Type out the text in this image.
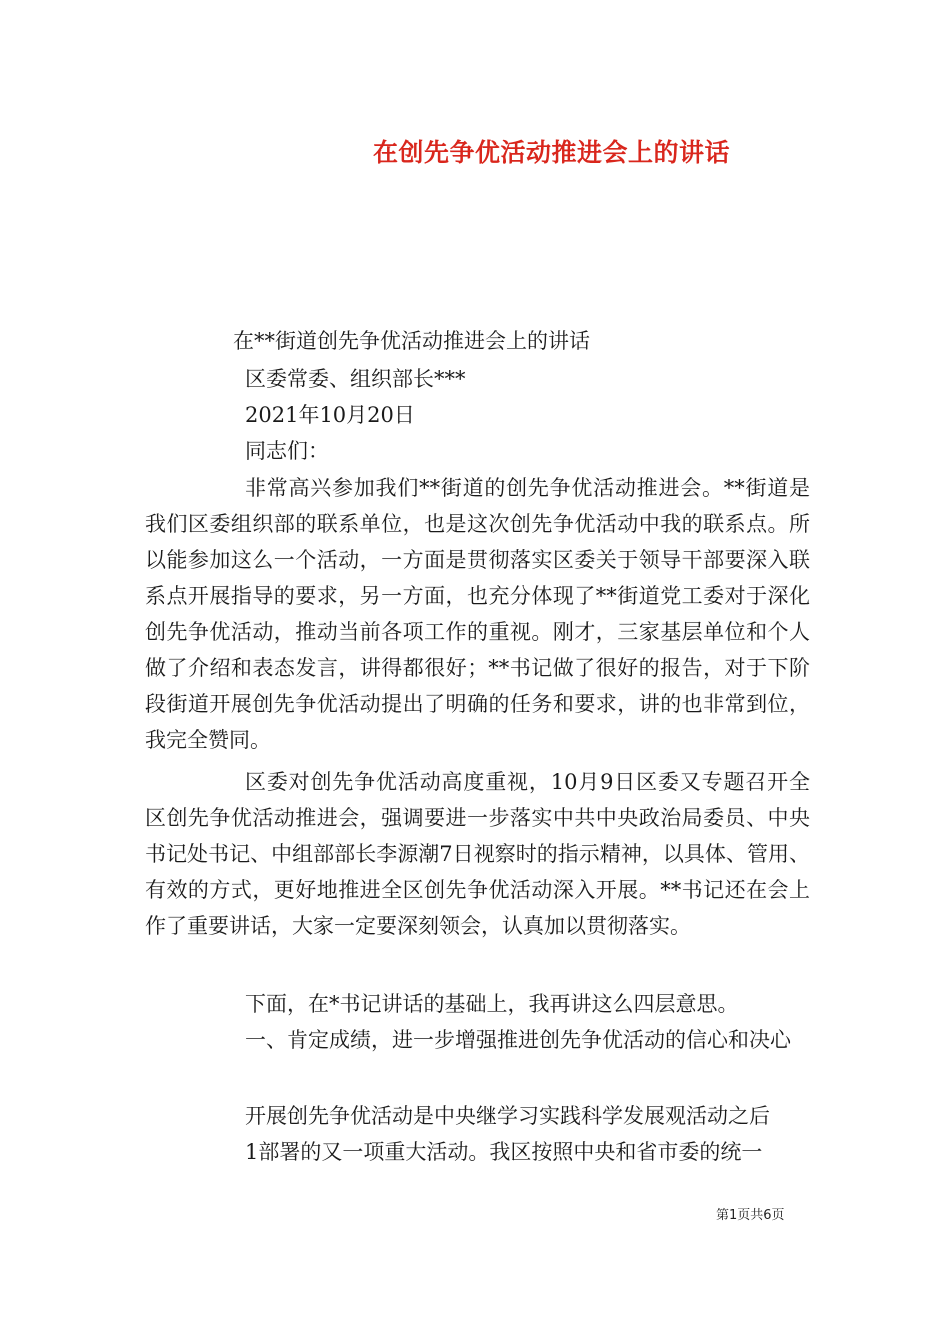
在创先争优活动推进会上的讲话
在**街道创先争优活动推进会上的讲话
区委常委、组织部长***
2021年10月20日
同志们：

非常高兴参加我们**街道的创先争优活动推进会。**街道是我们区委组织部的联系单位，也是这次创先争优活动中我的联系点。所以能参加这么一个活动，一方面是贯彻落实区委关于领导干部要深入联系点开展指导的要求，另一方面，也充分体现了**街道党工委对于深化创先争优活动，推动当前各项工作的重视。刚才，三家基层单位和个人做了介绍和表态发言，讲得都很好；**书记做了很好的报告，对于下阶段街道开展创先争优活动提出了明确的任务和要求，讲的也非常到位，我完全赞同。

区委对创先争优活动高度重视，10月9日区委又专题召开全区创先争优活动推进会，强调要进一步落实中共中央政治局委员、中央书记处书记、中组部部长李源潮7日视察时的指示精神，以具体、管用、有效的方式，更好地推进全区创先争优活动深入开展。**书记还在会上作了重要讲话，大家一定要深刻领会，认真加以贯彻落实。

下面，在*书记讲话的基础上，我再讲这么四层意思。

一、肯定成绩，进一步增强推进创先争优活动的信心和决心

开展创先争优活动是中央继学习实践科学发展观活动之后
1部署的又一项重大活动。我区按照中央和省市委的统一
第1页共6页
